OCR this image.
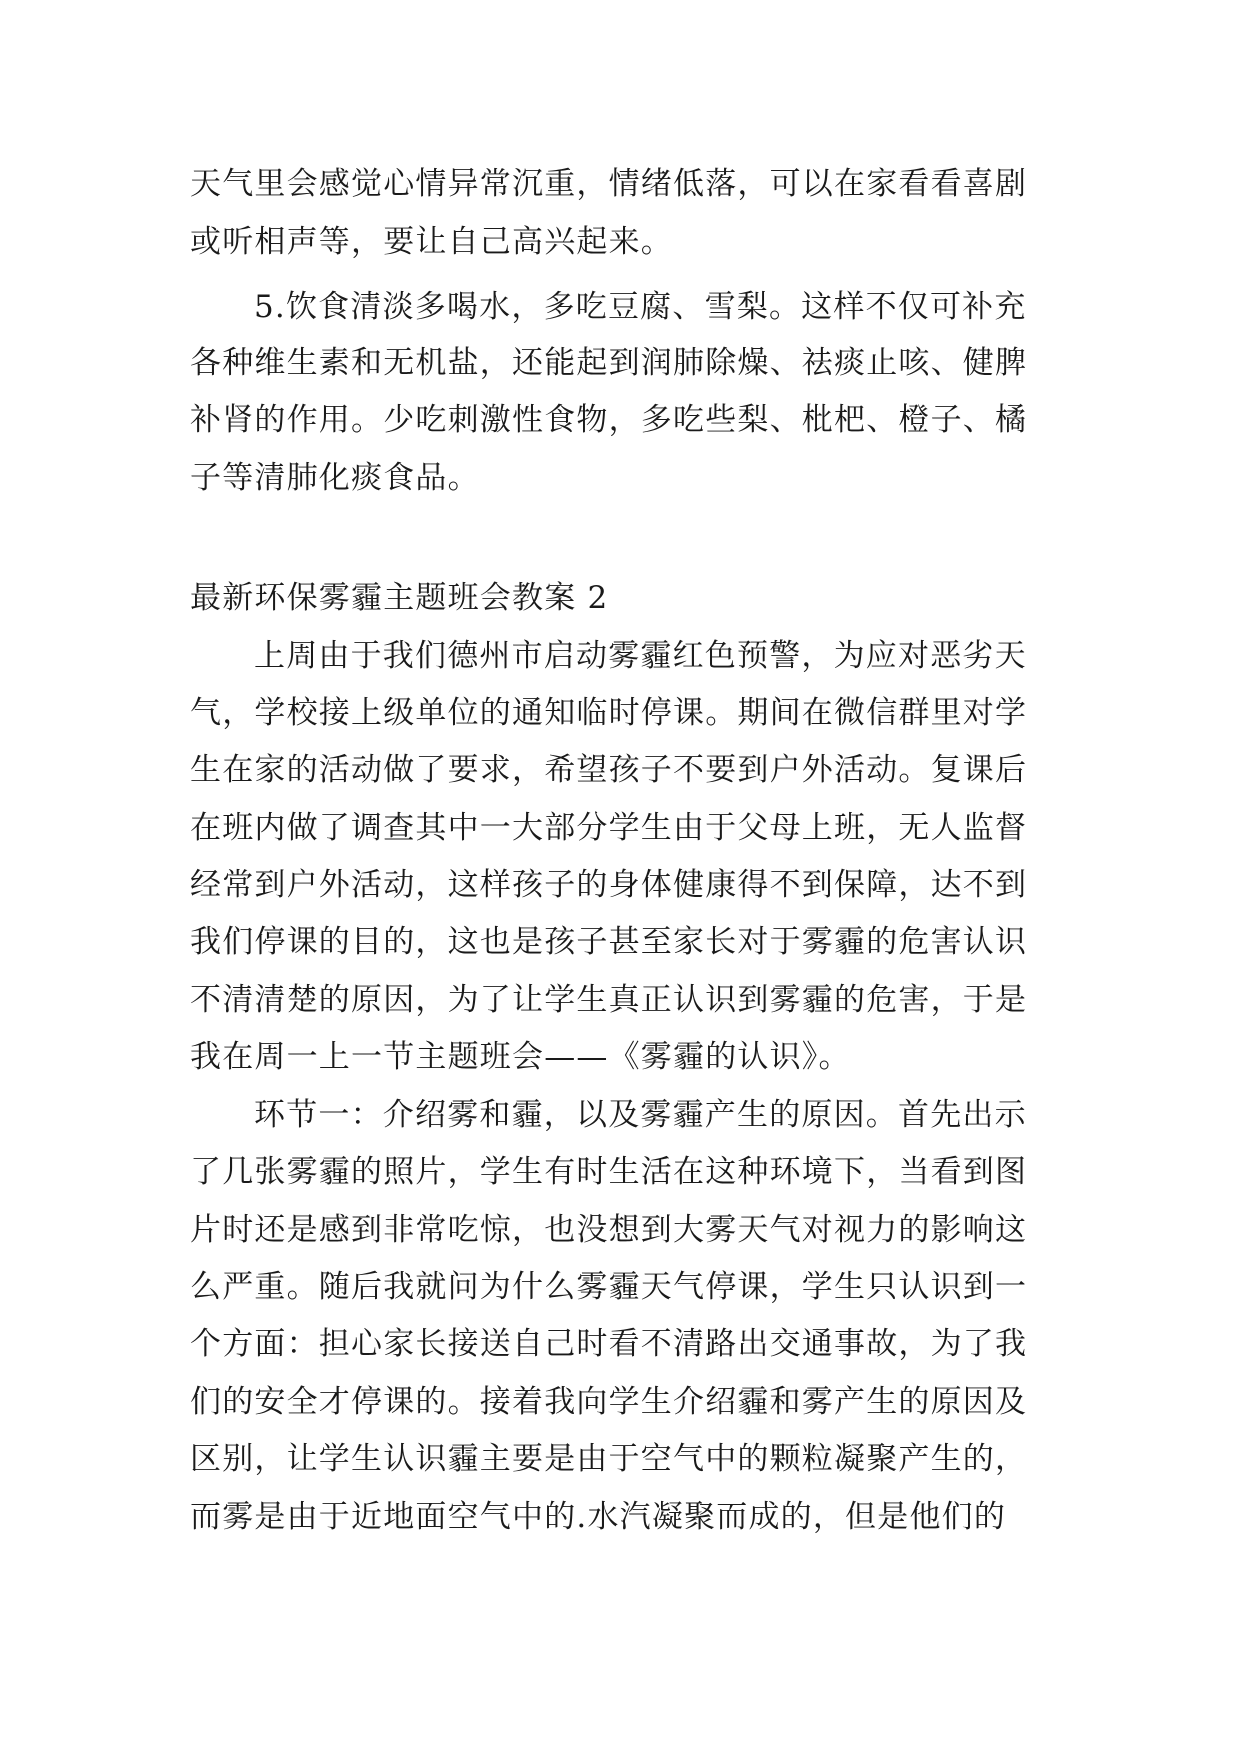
天气里会感觉心情异常沉重，情绪低落，可以在家看看喜剧
或听相声等，要让自己高兴起来。
5.饮食清淡多喝水，多吃豆腐、雪梨。这样不仅可补充
各种维生素和无机盐，还能起到润肺除燥、祛痰止咳、健脾
补肾的作用。少吃刺激性食物，多吃些梨、枇杷、橙子、橘
子等清肺化痰食品。
最新环保雾霾主题班会教案 2
上周由于我们德州市启动雾霾红色预警，为应对恶劣天
气，学校接上级单位的通知临时停课。期间在微信群里对学
生在家的活动做了要求，希望孩子不要到户外活动。复课后
在班内做了调查其中一大部分学生由于父母上班，无人监督
经常到户外活动，这样孩子的身体健康得不到保障，达不到
我们停课的目的，这也是孩子甚至家长对于雾霾的危害认识
不清清楚的原因，为了让学生真正认识到雾霾的危害，于是
我在周一上一节主题班会——《雾霾的认识》。
环节一：介绍雾和霾，以及雾霾产生的原因。首先出示
了几张雾霾的照片，学生有时生活在这种环境下，当看到图
片时还是感到非常吃惊，也没想到大雾天气对视力的影响这
么严重。随后我就问为什么雾霾天气停课，学生只认识到一
个方面：担心家长接送自己时看不清路出交通事故，为了我
们的安全才停课的。接着我向学生介绍霾和雾产生的原因及
区别，让学生认识霾主要是由于空气中的颗粒凝聚产生的，
而雾是由于近地面空气中的.水汽凝聚而成的，但是他们的
